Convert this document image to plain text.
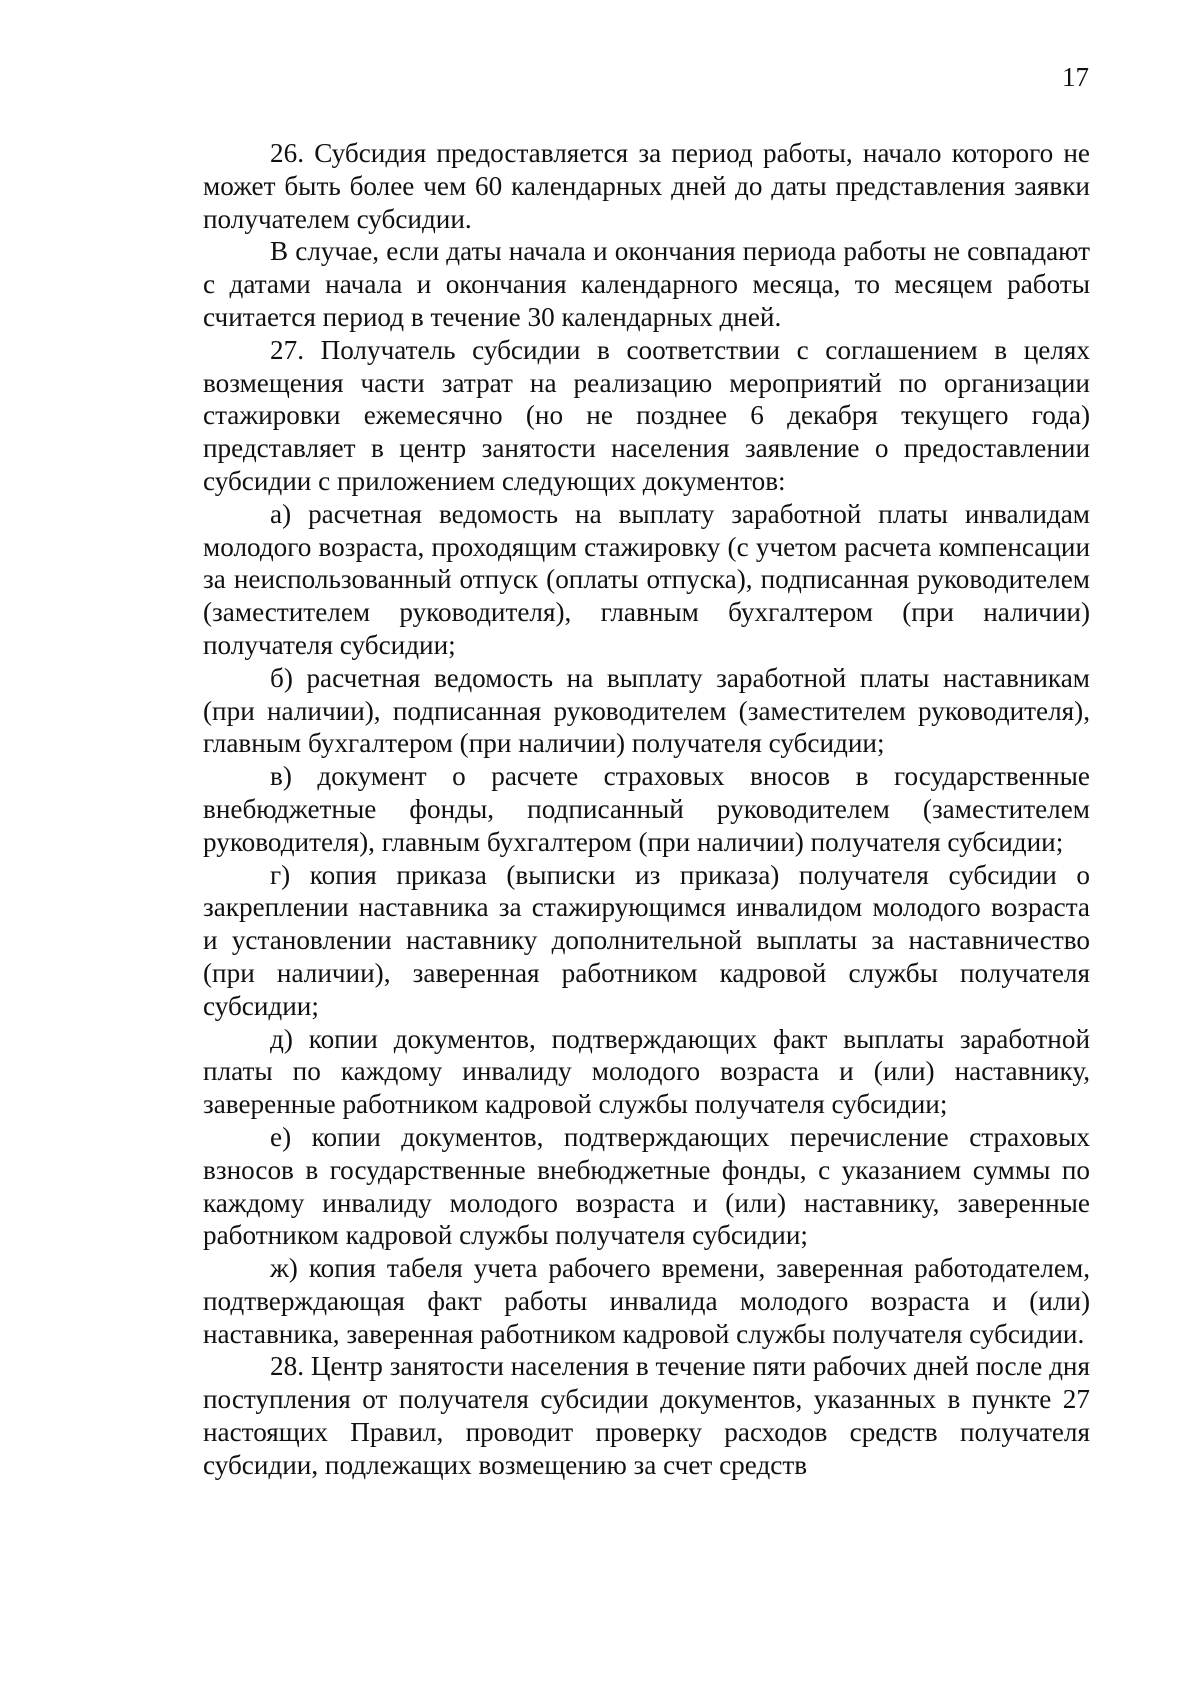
17

26. Субсидия предоставляется за период работы, начало которого не может быть более чем 60 календарных дней до даты представления заявки получателем субсидии.

В случае, если даты начала и окончания периода работы не совпадают с датами начала и окончания календарного месяца, то месяцем работы считается период в течение 30 календарных дней.

27. Получатель субсидии в соответствии с соглашением в целях возмещения части затрат на реализацию мероприятий по организации стажировки ежемесячно (но не позднее 6 декабря текущего года) представляет в центр занятости населения заявление о предоставлении субсидии с приложением следующих документов:

а) расчетная ведомость на выплату заработной платы инвалидам молодого возраста, проходящим стажировку (с учетом расчета компенсации за неиспользованный отпуск (оплаты отпуска), подписанная руководителем (заместителем руководителя), главным бухгалтером (при наличии) получателя субсидии;

б) расчетная ведомость на выплату заработной платы наставникам (при наличии), подписанная руководителем (заместителем руководителя), главным бухгалтером (при наличии) получателя субсидии;

в) документ о расчете страховых вносов в государственные внебюджетные фонды, подписанный руководителем (заместителем руководителя), главным бухгалтером (при наличии) получателя субсидии;

г) копия приказа (выписки из приказа) получателя субсидии о закреплении наставника за стажирующимся инвалидом молодого возраста и установлении наставнику дополнительной выплаты за наставничество (при наличии), заверенная работником кадровой службы получателя субсидии;

д) копии документов, подтверждающих факт выплаты заработной платы по каждому инвалиду молодого возраста и (или) наставнику, заверенные работником кадровой службы получателя субсидии;

е) копии документов, подтверждающих перечисление страховых взносов в государственные внебюджетные фонды, с указанием суммы по каждому инвалиду молодого возраста и (или) наставнику, заверенные работником кадровой службы получателя субсидии;

ж) копия табеля учета рабочего времени, заверенная работодателем, подтверждающая факт работы инвалида молодого возраста и (или) наставника, заверенная работником кадровой службы получателя субсидии.

28. Центр занятости населения в течение пяти рабочих дней после дня поступления от получателя субсидии документов, указанных в пункте 27 настоящих Правил, проводит проверку расходов средств получателя субсидии, подлежащих возмещению за счет средств
